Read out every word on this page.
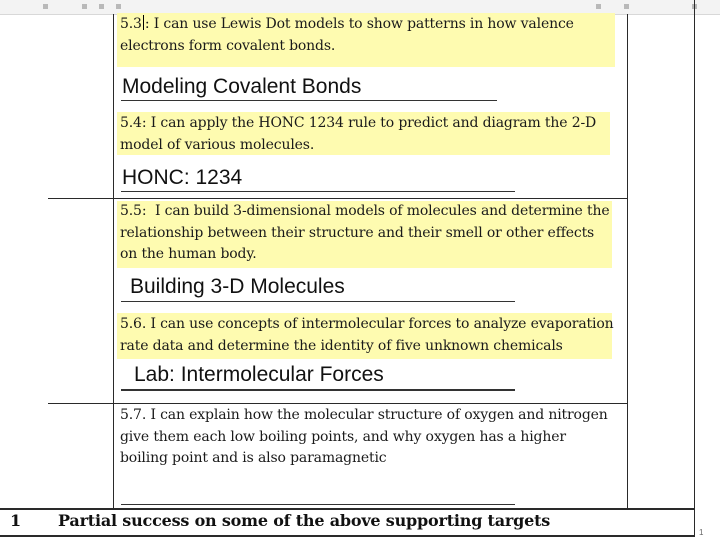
5.3 : I can use Lewis Dot models to show patterns in how valence electrons form covalent bonds.

Modeling Covalent Bonds

5.4: I can apply the HONC 1234 rule to predict and diagram the 2-D model of various molecules.

HONC: 1234

5.5:  I can build 3-dimensional models of molecules and determine the relationship between their structure and their smell or other effects on the human body.

Building 3-D Molecules

5.6. I can use concepts of intermolecular forces to analyze evaporation rate data and determine the identity of five unknown chemicals

Lab: Intermolecular Forces

5.7. I can explain how the molecular structure of oxygen and nitrogen give them each low boiling points, and why oxygen has a higher boiling point and is also paramagnetic

1 Partial success on some of the above supporting targets
1
